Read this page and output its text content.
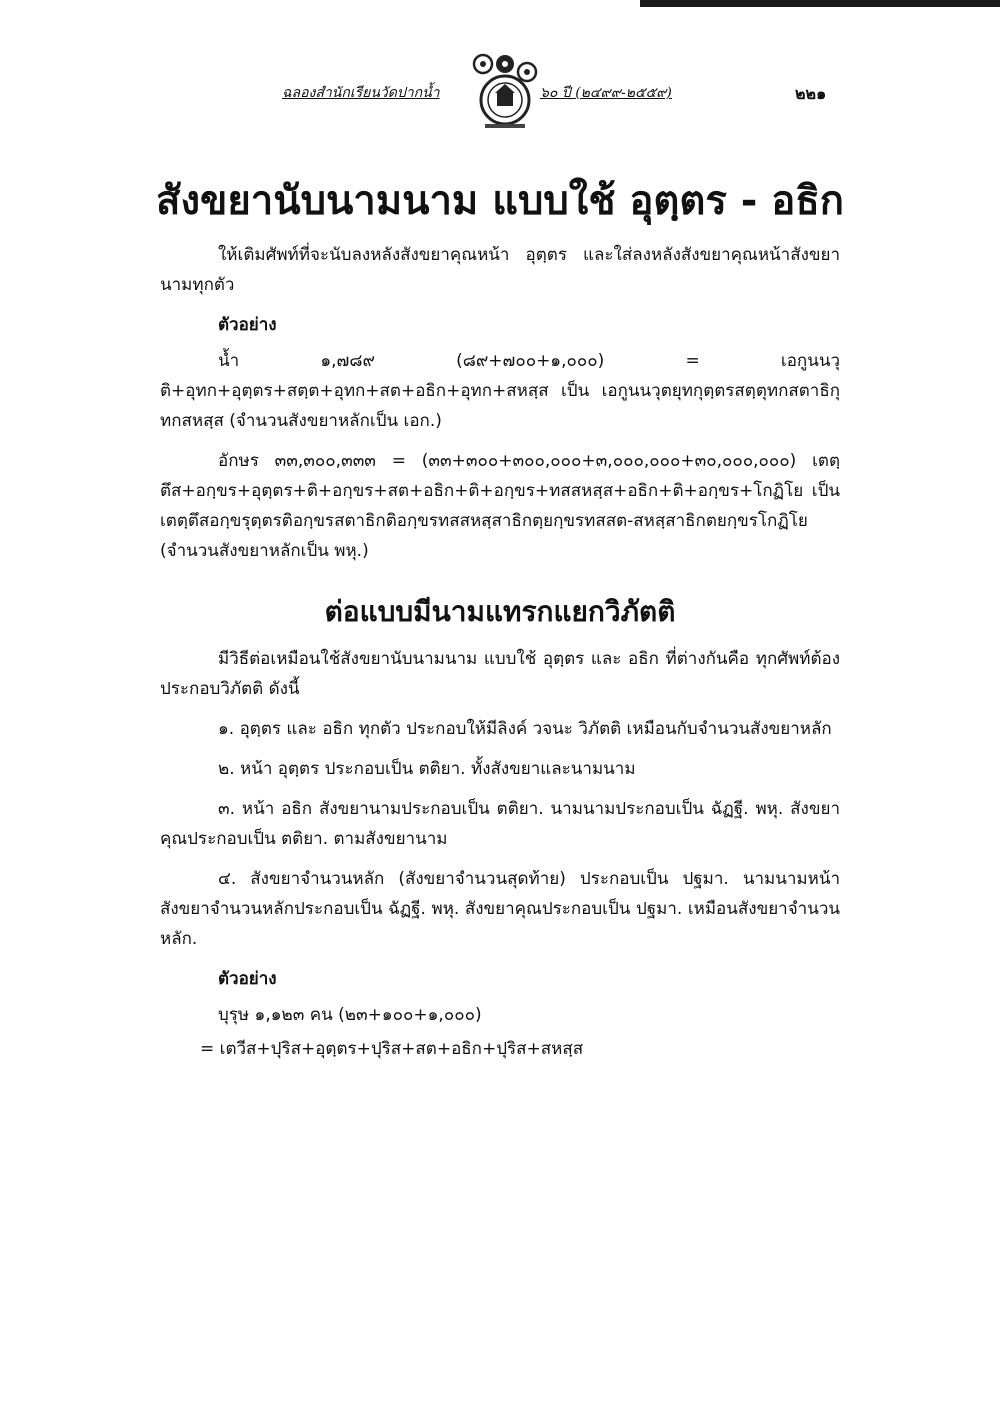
ฉลองสำนักเรียนวัดปากน้ำ	๖๐ ปี (๒๔๙๙-๒๕๕๙)	๒๒๑
สังขยานับนามนาม แบบใช้ อุตฺตร - อธิก

ให้เติมศัพท์ที่จะนับลงหลังสังขยาคุณหน้า อุตฺตร และใส่ลงหลังสังขยาคุณหน้าสังขยานามทุกตัว

ตัวอย่าง

น้ำ ๑,๗๘๙ (๘๙+๗๐๐+๑,๐๐๐) = เอกูนนวุติ+อุทก+อุตฺตร+สตฺต+อุทก+สต+อธิก+อุทก+สหสฺส เป็น เอกูนนวุตยุทกุตฺตรสตฺตุทกสตาธิกุทกสหสฺส (จำนวนสังขยาหลักเป็น เอก.)

อักษร ๓๓,๓๐๐,๓๓๓ = (๓๓+๓๐๐+๓๐๐,๐๐๐+๓,๐๐๐,๐๐๐+๓๐,๐๐๐,๐๐๐) เตตฺตึส+อกฺขร+อุตฺตร+ติ+อกฺขร+สต+อธิก+ติ+อกฺขร+ทสสหสฺส+อธิก+ติ+อกฺขร+โกฏิโย เป็น เตตฺตึสอกฺขรุตฺตรติอกฺขรสตาธิกติอกฺขรทสสหสฺสาธิกตฺยกฺขรทสสต-สหสฺสาธิกตยกฺขรโกฏิโย (จำนวนสังขยาหลักเป็น พหุ.)

ต่อแบบมีนามแทรกแยกวิภัตติ

มีวิธีต่อเหมือนใช้สังขยานับนามนาม แบบใช้ อุตฺตร และ อธิก ที่ต่างกันคือ ทุกศัพท์ต้องประกอบวิภัตติ ดังนี้

๑. อุตฺตร และ อธิก ทุกตัว ประกอบให้มีลิงค์ วจนะ วิภัตติ เหมือนกับจำนวนสังขยาหลัก

๒. หน้า อุตฺตร ประกอบเป็น ตติยา. ทั้งสังขยาและนามนาม

๓. หน้า อธิก สังขยานามประกอบเป็น ตติยา. นามนามประกอบเป็น ฉัฏฐี. พหุ. สังขยาคุณประกอบเป็น ตติยา. ตามสังขยานาม

๔. สังขยาจำนวนหลัก (สังขยาจำนวนสุดท้าย) ประกอบเป็น ปฐมา. นามนามหน้าสังขยาจำนวนหลักประกอบเป็น ฉัฏฐี. พหุ. สังขยาคุณประกอบเป็น ปฐมา. เหมือนสังขยาจำนวนหลัก.

ตัวอย่าง
บุรุษ ๑,๑๒๓ คน (๒๓+๑๐๐+๑,๐๐๐)
= เตวีส+ปุริส+อุตฺตร+ปุริส+สต+อธิก+ปุริส+สหสฺส
